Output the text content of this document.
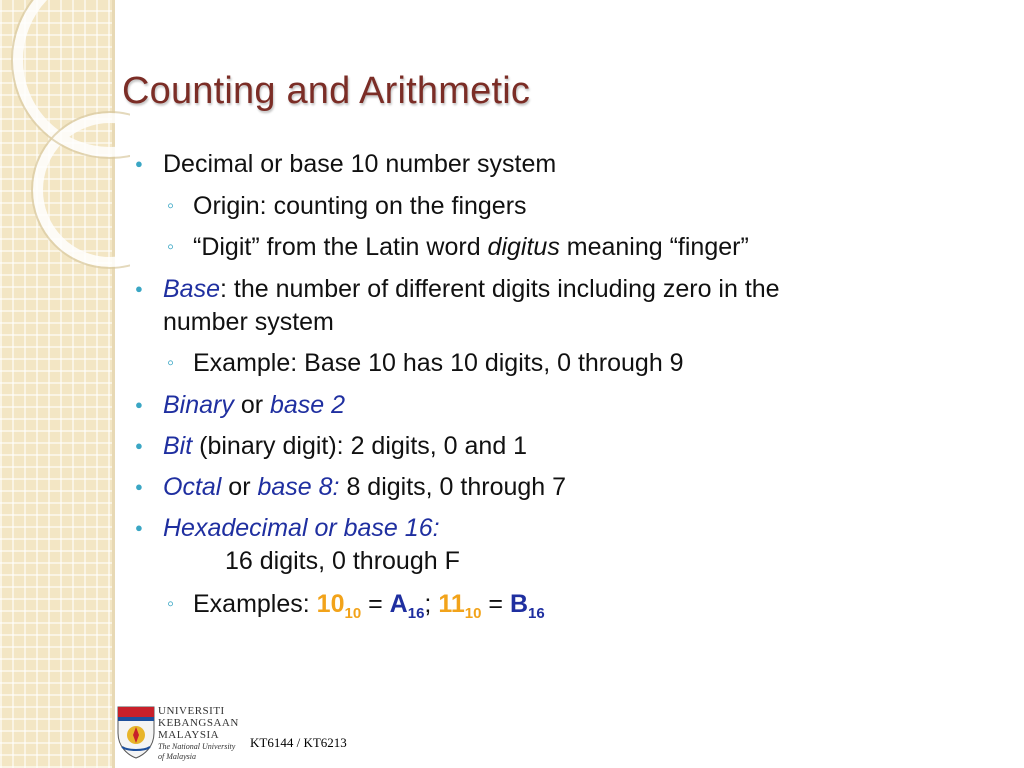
Counting and Arithmetic
● Decimal or base 10 number system
◦ Origin: counting on the fingers
◦ “Digit” from the Latin word digitus meaning “finger”
● Base: the number of different digits including zero in the
number system
◦ Example: Base 10 has 10 digits, 0 through 9
● Binary or base 2
● Bit (binary digit): 2 digits, 0 and 1
● Octal or base 8: 8 digits, 0 through 7
● Hexadecimal or base 16:
16 digits, 0 through F
◦ Examples: $10_{10} = A_{16}$; $11_{10} = B_{16}$
UNIVERSITI
KEBANGSAAN
MALAYSIA
The National University
of Malaysia
KT6144 / KT6213
